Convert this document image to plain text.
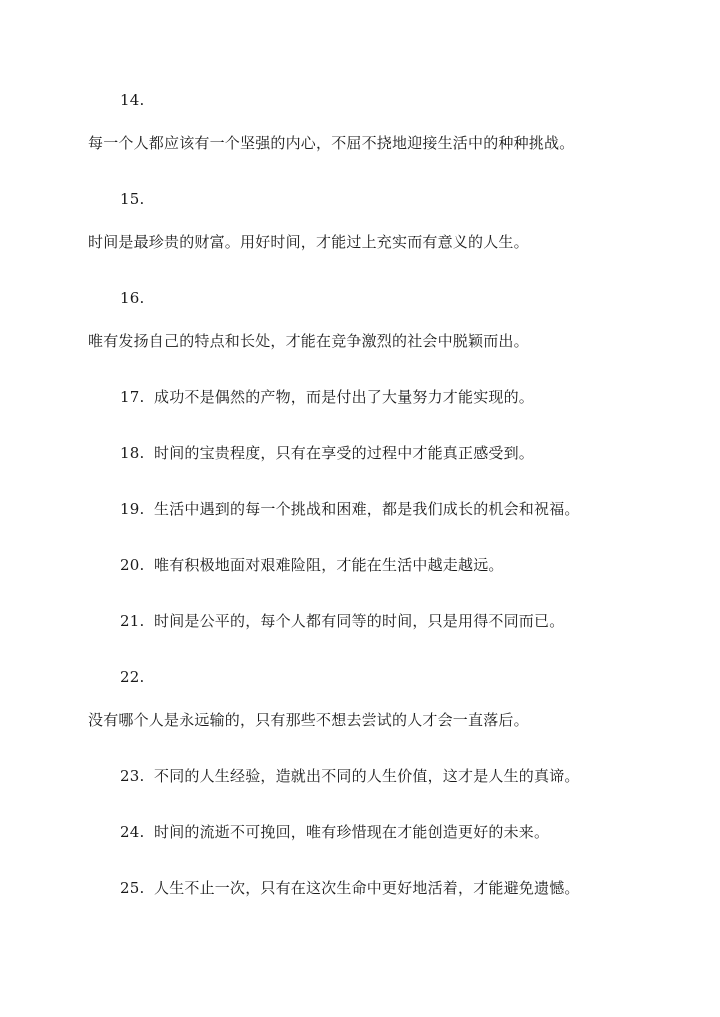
14.
每一个人都应该有一个坚强的内心，不屈不挠地迎接生活中的种种挑战。
15.
时间是最珍贵的财富。用好时间，才能过上充实而有意义的人生。
16.
唯有发扬自己的特点和长处，才能在竞争激烈的社会中脱颖而出。
17. 成功不是偶然的产物，而是付出了大量努力才能实现的。
18. 时间的宝贵程度，只有在享受的过程中才能真正感受到。
19. 生活中遇到的每一个挑战和困难，都是我们成长的机会和祝福。
20. 唯有积极地面对艰难险阻，才能在生活中越走越远。
21. 时间是公平的，每个人都有同等的时间，只是用得不同而已。
22.
没有哪个人是永远输的，只有那些不想去尝试的人才会一直落后。
23. 不同的人生经验，造就出不同的人生价值，这才是人生的真谛。
24. 时间的流逝不可挽回，唯有珍惜现在才能创造更好的未来。
25. 人生不止一次，只有在这次生命中更好地活着，才能避免遗憾。
